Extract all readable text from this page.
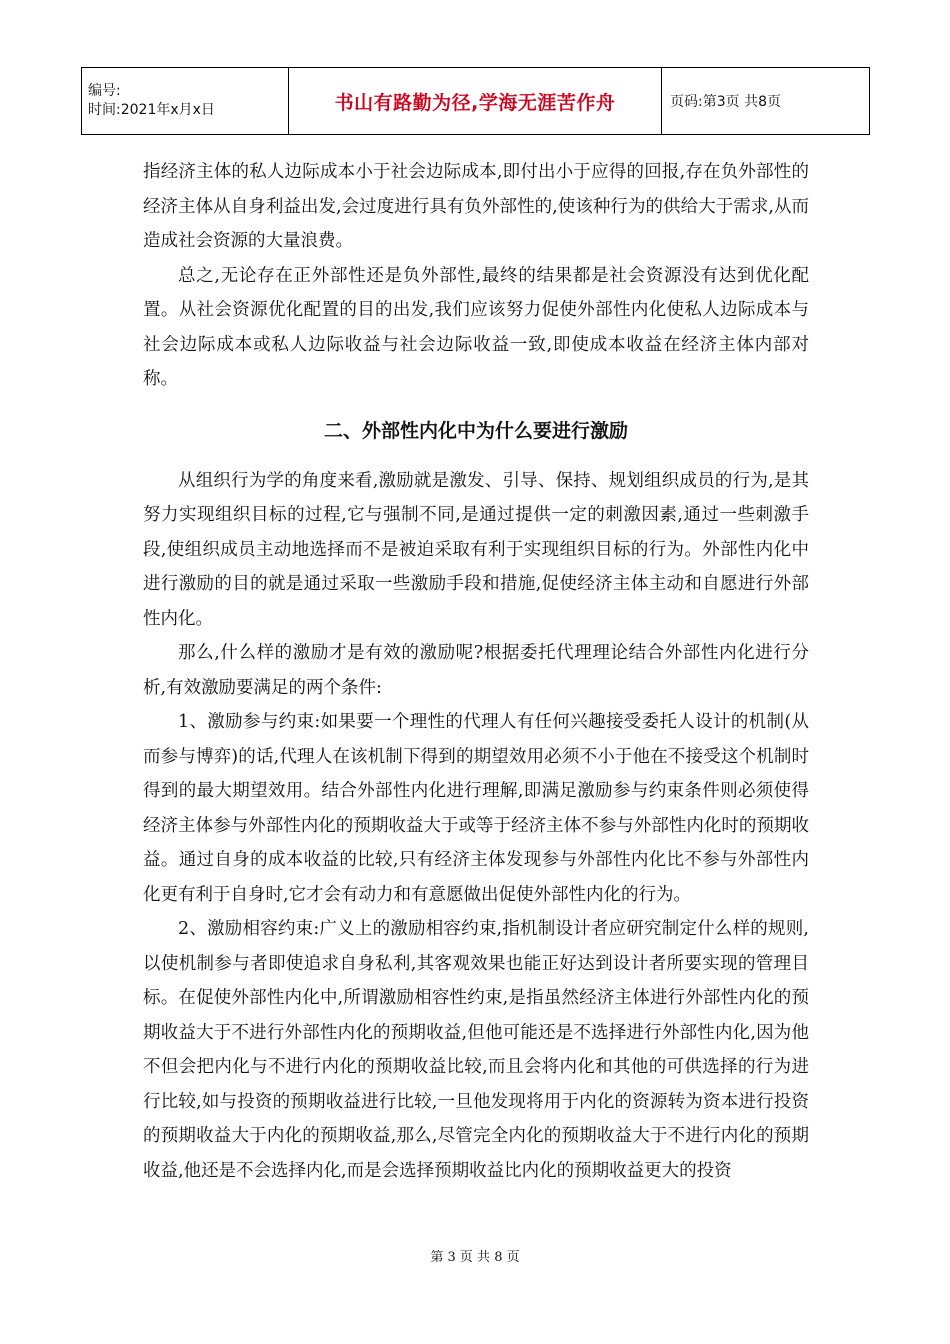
编号:
时间:2021年x月x日	书山有路勤为径,学海无涯苦作舟	页码:第3页 共8页

指经济主体的私人边际成本小于社会边际成本,即付出小于应得的回报,存在负外部性的经济主体从自身利益出发,会过度进行具有负外部性的,使该种行为的供给大于需求,从而造成社会资源的大量浪费。

总之,无论存在正外部性还是负外部性,最终的结果都是社会资源没有达到优化配置。从社会资源优化配置的目的出发,我们应该努力促使外部性内化使私人边际成本与社会边际成本或私人边际收益与社会边际收益一致,即使成本收益在经济主体内部对称。

二、外部性内化中为什么要进行激励

从组织行为学的角度来看,激励就是激发、引导、保持、规划组织成员的行为,是其努力实现组织目标的过程,它与强制不同,是通过提供一定的刺激因素,通过一些刺激手段,使组织成员主动地选择而不是被迫采取有利于实现组织目标的行为。外部性内化中进行激励的目的就是通过采取一些激励手段和措施,促使经济主体主动和自愿进行外部性内化。

那么,什么样的激励才是有效的激励呢?根据委托代理理论结合外部性内化进行分析,有效激励要满足的两个条件:

1、激励参与约束:如果要一个理性的代理人有任何兴趣接受委托人设计的机制(从而参与博弈)的话,代理人在该机制下得到的期望效用必须不小于他在不接受这个机制时得到的最大期望效用。结合外部性内化进行理解,即满足激励参与约束条件则必须使得经济主体参与外部性内化的预期收益大于或等于经济主体不参与外部性内化时的预期收益。通过自身的成本收益的比较,只有经济主体发现参与外部性内化比不参与外部性内化更有利于自身时,它才会有动力和有意愿做出促使外部性内化的行为。

2、激励相容约束:广义上的激励相容约束,指机制设计者应研究制定什么样的规则,以使机制参与者即使追求自身私利,其客观效果也能正好达到设计者所要实现的管理目标。在促使外部性内化中,所谓激励相容性约束,是指虽然经济主体进行外部性内化的预期收益大于不进行外部性内化的预期收益,但他可能还是不选择进行外部性内化,因为他不但会把内化与不进行内化的预期收益比较,而且会将内化和其他的可供选择的行为进行比较,如与投资的预期收益进行比较,一旦他发现将用于内化的资源转为资本进行投资的预期收益大于内化的预期收益,那么,尽管完全内化的预期收益大于不进行内化的预期收益,他还是不会选择内化,而是会选择预期收益比内化的预期收益更大的投资

第 3 页 共 8 页
